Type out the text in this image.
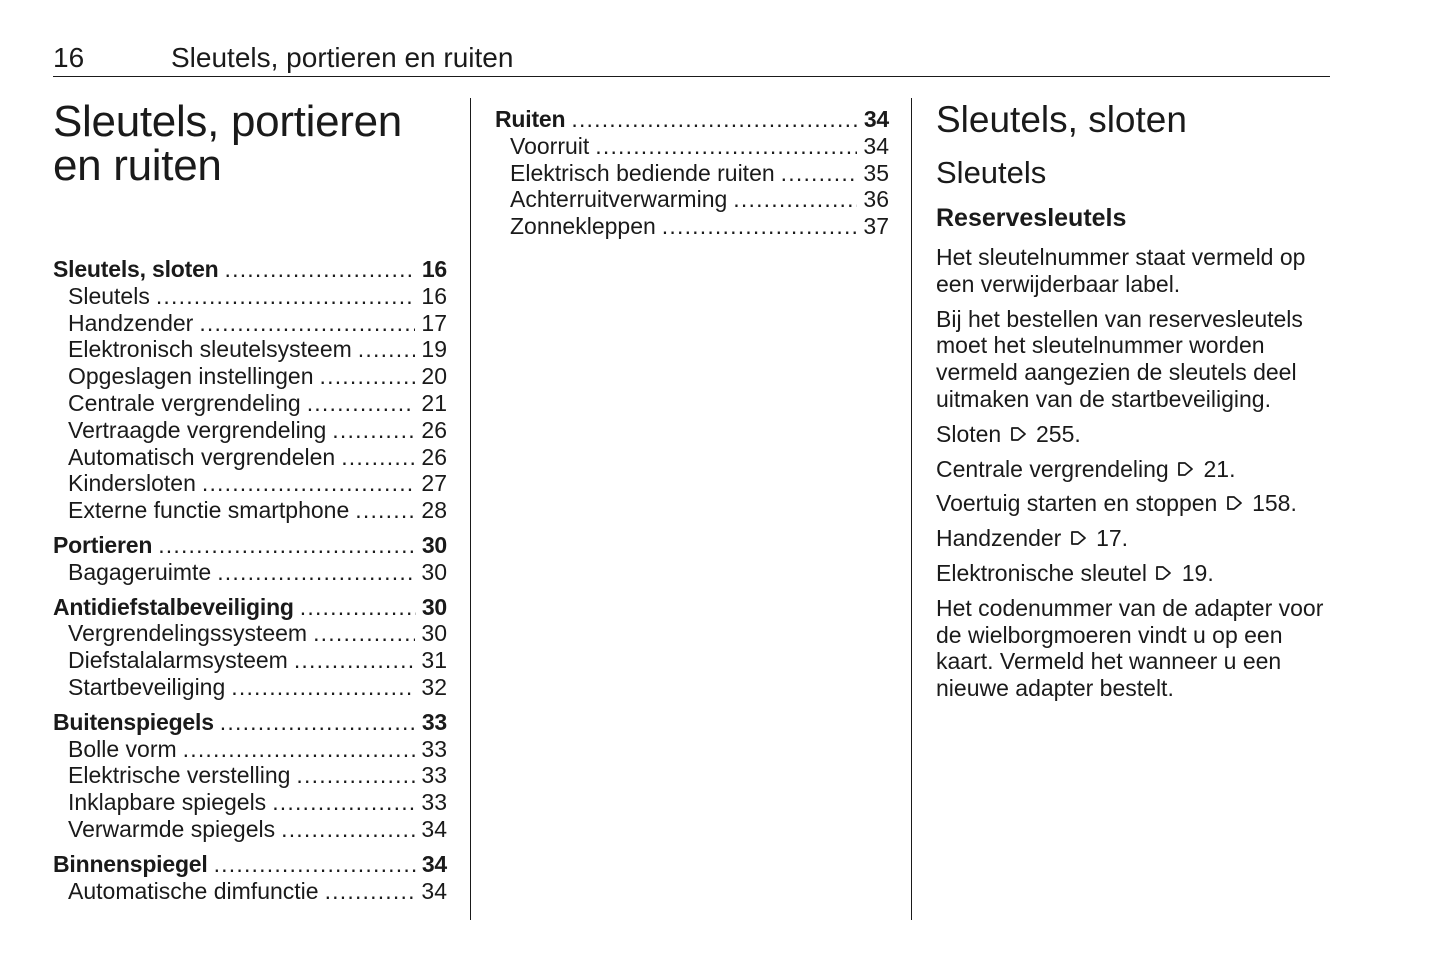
16	Sleutels, portieren en ruiten
Sleutels, portieren
en ruiten
Sleutels, sloten .....	16
Sleutels .....	16
Handzender .....	17
Elektronisch sleutelsysteem .....	19
Opgeslagen instellingen .....	20
Centrale vergrendeling .....	21
Vertraagde vergrendeling .....	26
Automatisch vergrendelen .....	26
Kindersloten .....	27
Externe functie smartphone .....	28
Portieren .....	30
Bagageruimte .....	30
Antidiefstalbeveiliging .....	30
Vergrendelingssysteem .....	30
Diefstalalarmsysteem .....	31
Startbeveiliging .....	32
Buitenspiegels .....	33
Bolle vorm .....	33
Elektrische verstelling .....	33
Inklapbare spiegels .....	33
Verwarmde spiegels .....	34
Binnenspiegel .....	34
Automatische dimfunctie .....	34
Ruiten .....	34
Voorruit .....	34
Elektrisch bediende ruiten .....	35
Achterruitverwarming .....	36
Zonnekleppen .....	37
Sleutels, sloten
Sleutels
Reservesleutels

Het sleutelnummer staat vermeld op een verwijderbaar label.

Bij het bestellen van reservesleutels moet het sleutelnummer worden vermeld aangezien de sleutels deel uitmaken van de startbeveiliging.

Sloten 255.

Centrale vergrendeling 21.

Voertuig starten en stoppen 158.

Handzender 17.

Elektronische sleutel 19.

Het codenummer van de adapter voor de wielborgmoeren vindt u op een kaart. Vermeld het wanneer u een nieuwe adapter bestelt.
